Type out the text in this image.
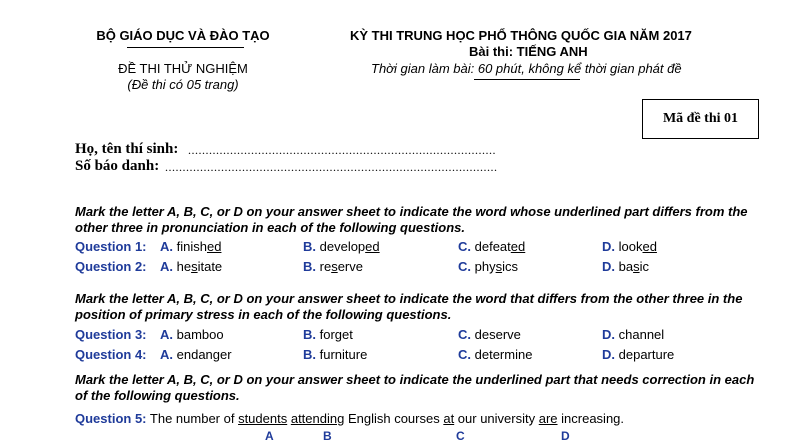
BỘ GIÁO DỤC VÀ ĐÀO TẠO
ĐỀ THI THỬ NGHIỆM
(Đề thi có 05 trang)
KỲ THI TRUNG HỌC PHỔ THÔNG QUỐC GIA NĂM 2017
Bài thi: TIẾNG ANH
Thời gian làm bài: 60 phút, không kể thời gian phát đề
Mã đề thi 01
Họ, tên thí sinh: ........................................................................................
Số báo danh: ...............................................................................................
Mark the letter A, B, C, or D on your answer sheet to indicate the word whose underlined part differs from the other three in pronunciation in each of the following questions.
Question 1: A. finished	B. developed	C. defeated	D. looked
Question 2: A. hesitate	B. reserve	C. physics	D. basic
Mark the letter A, B, C, or D on your answer sheet to indicate the word that differs from the other three in the position of primary stress in each of the following questions.
Question 3: A. bamboo	B. forget	C. deserve	D. channel
Question 4: A. endanger	B. furniture	C. determine	D. departure
Mark the letter A, B, C, or D on your answer sheet to indicate the underlined part that needs correction in each of the following questions.
Question 5: The number of students attending English courses at our university are increasing.
A	B	C	D
